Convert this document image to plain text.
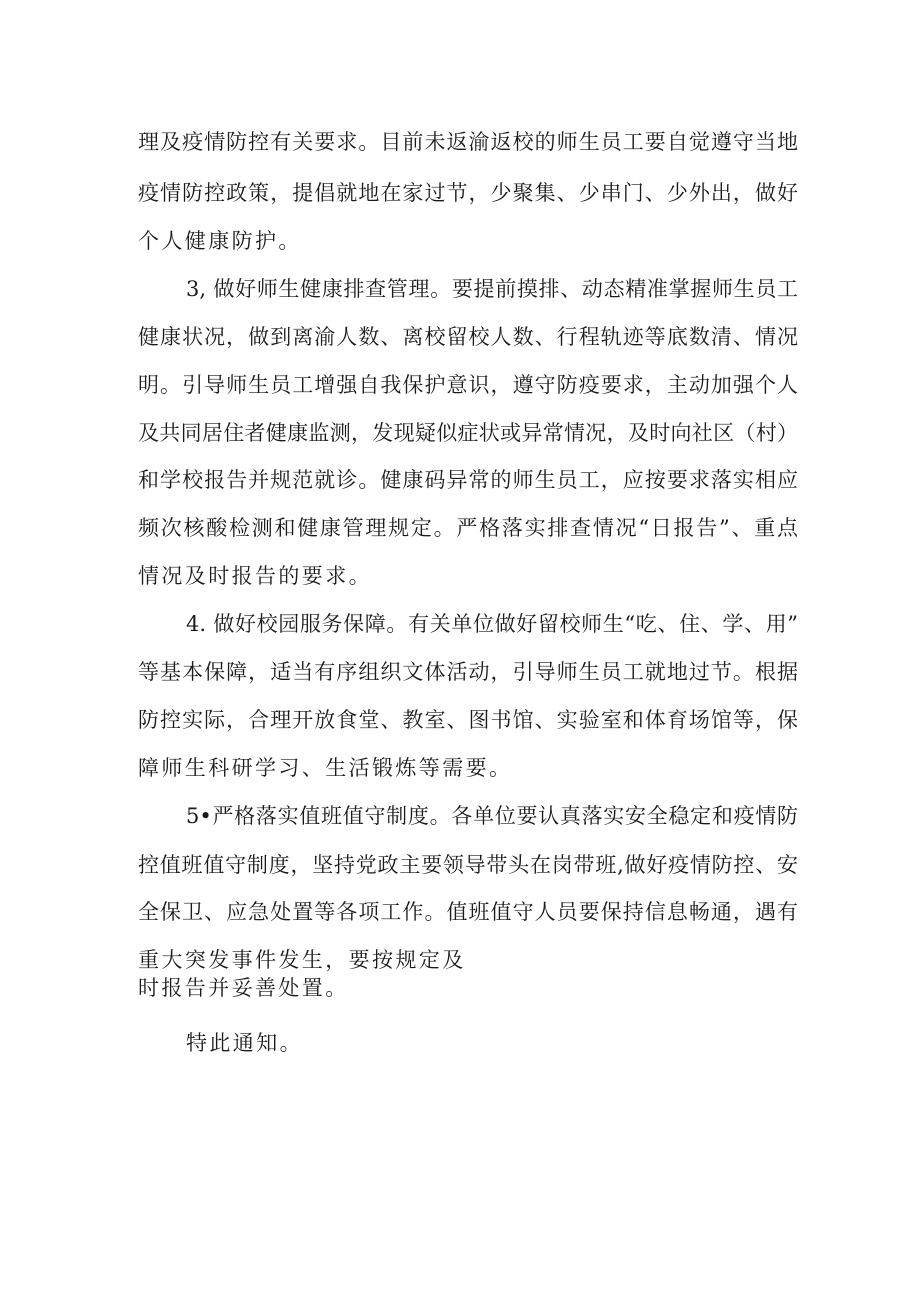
理及疫情防控有关要求。目前未返渝返校的师生员工要自觉遵守当地
疫情防控政策，提倡就地在家过节，少聚集、少串门、少外出，做好
个人健康防护。
3, 做好师生健康排查管理。要提前摸排、动态精准掌握师生员工
健康状况，做到离渝人数、离校留校人数、行程轨迹等底数清、情况
明。引导师生员工增强自我保护意识，遵守防疫要求，主动加强个人
及共同居住者健康监测，发现疑似症状或异常情况，及时向社区（村）
和学校报告并规范就诊。健康码异常的师生员工，应按要求落实相应
频次核酸检测和健康管理规定。严格落实排查情况“日报告”、重点
情况及时报告的要求。
4. 做好校园服务保障。有关单位做好留校师生“吃、住、学、用”
等基本保障，适当有序组织文体活动，引导师生员工就地过节。根据
防控实际，合理开放食堂、教室、图书馆、实验室和体育场馆等，保
障师生科研学习、生活锻炼等需要。
5•严格落实值班值守制度。各单位要认真落实安全稳定和疫情防
控值班值守制度，坚持党政主要领导带头在岗带班,做好疫情防控、安
全保卫、应急处置等各项工作。值班值守人员要保持信息畅通，遇有
重大突发事件发生，要按规定及
时报告并妥善处置。
特此通知。
